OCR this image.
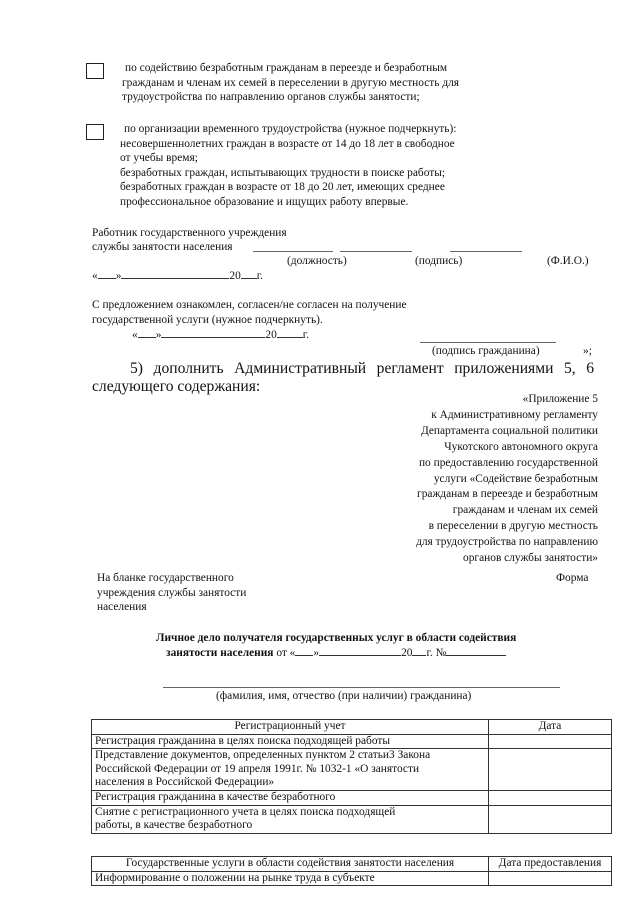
по содействию безработным гражданам в переезде и безработным
гражданам и членам их семей в переселении в другую местность для
трудоустройства по направлению органов службы занятости;
по организации временного трудоустройства (нужное подчеркнуть):
несовершеннолетних граждан в возрасте от 14 до 18 лет в свободное
от учебы время;
безработных граждан, испытывающих трудности в поиске работы;
безработных граждан в возрасте от 18 до 20 лет, имеющих среднее
профессиональное образование и ищущих работу впервые.
Работник государственного учреждения
службы занятости населения
(должность)	(подпись)	(Ф.И.О.)
« »	20 г.
С предложением ознакомлен, согласен/не согласен на получение
государственной услуги (нужное подчеркнуть).
« »	20 г.
(подпись гражданина)	»;
5) дополнить Административный регламент приложениями 5, 6
следующего содержания:
«Приложение 5
к Административному регламенту
Департамента социальной политики
Чукотского автономного округа
по предоставлению государственной
услуги «Содействие безработным
гражданам в переезде и безработным
гражданам и членам их семей
в переселении в другую местность
для трудоустройства по направлению
органов службы занятости»
На бланке государственного
учреждения службы занятости
населения
Форма
Личное дело получателя государственных услуг в области содействия
занятости населения от « »	20 г. №
(фамилия, имя, отчество (при наличии) гражданина)
Регистрационный учет	Дата
Регистрация гражданина в целях поиска подходящей работы	

Представление документов, определенных пунктом 2 статьи3 Закона
Российской Федерации от 19 апреля 1991г. № 1032-1 «О занятости
населения в Российской Федерации»	

Регистрация гражданина в качестве безработного	

Снятие с регистрационного учета в целях поиска подходящей
работы, в качестве безработного	

Государственные услуги в области содействия занятости населения	Дата предоставления
Информирование о положении на рынке труда в субъекте	
